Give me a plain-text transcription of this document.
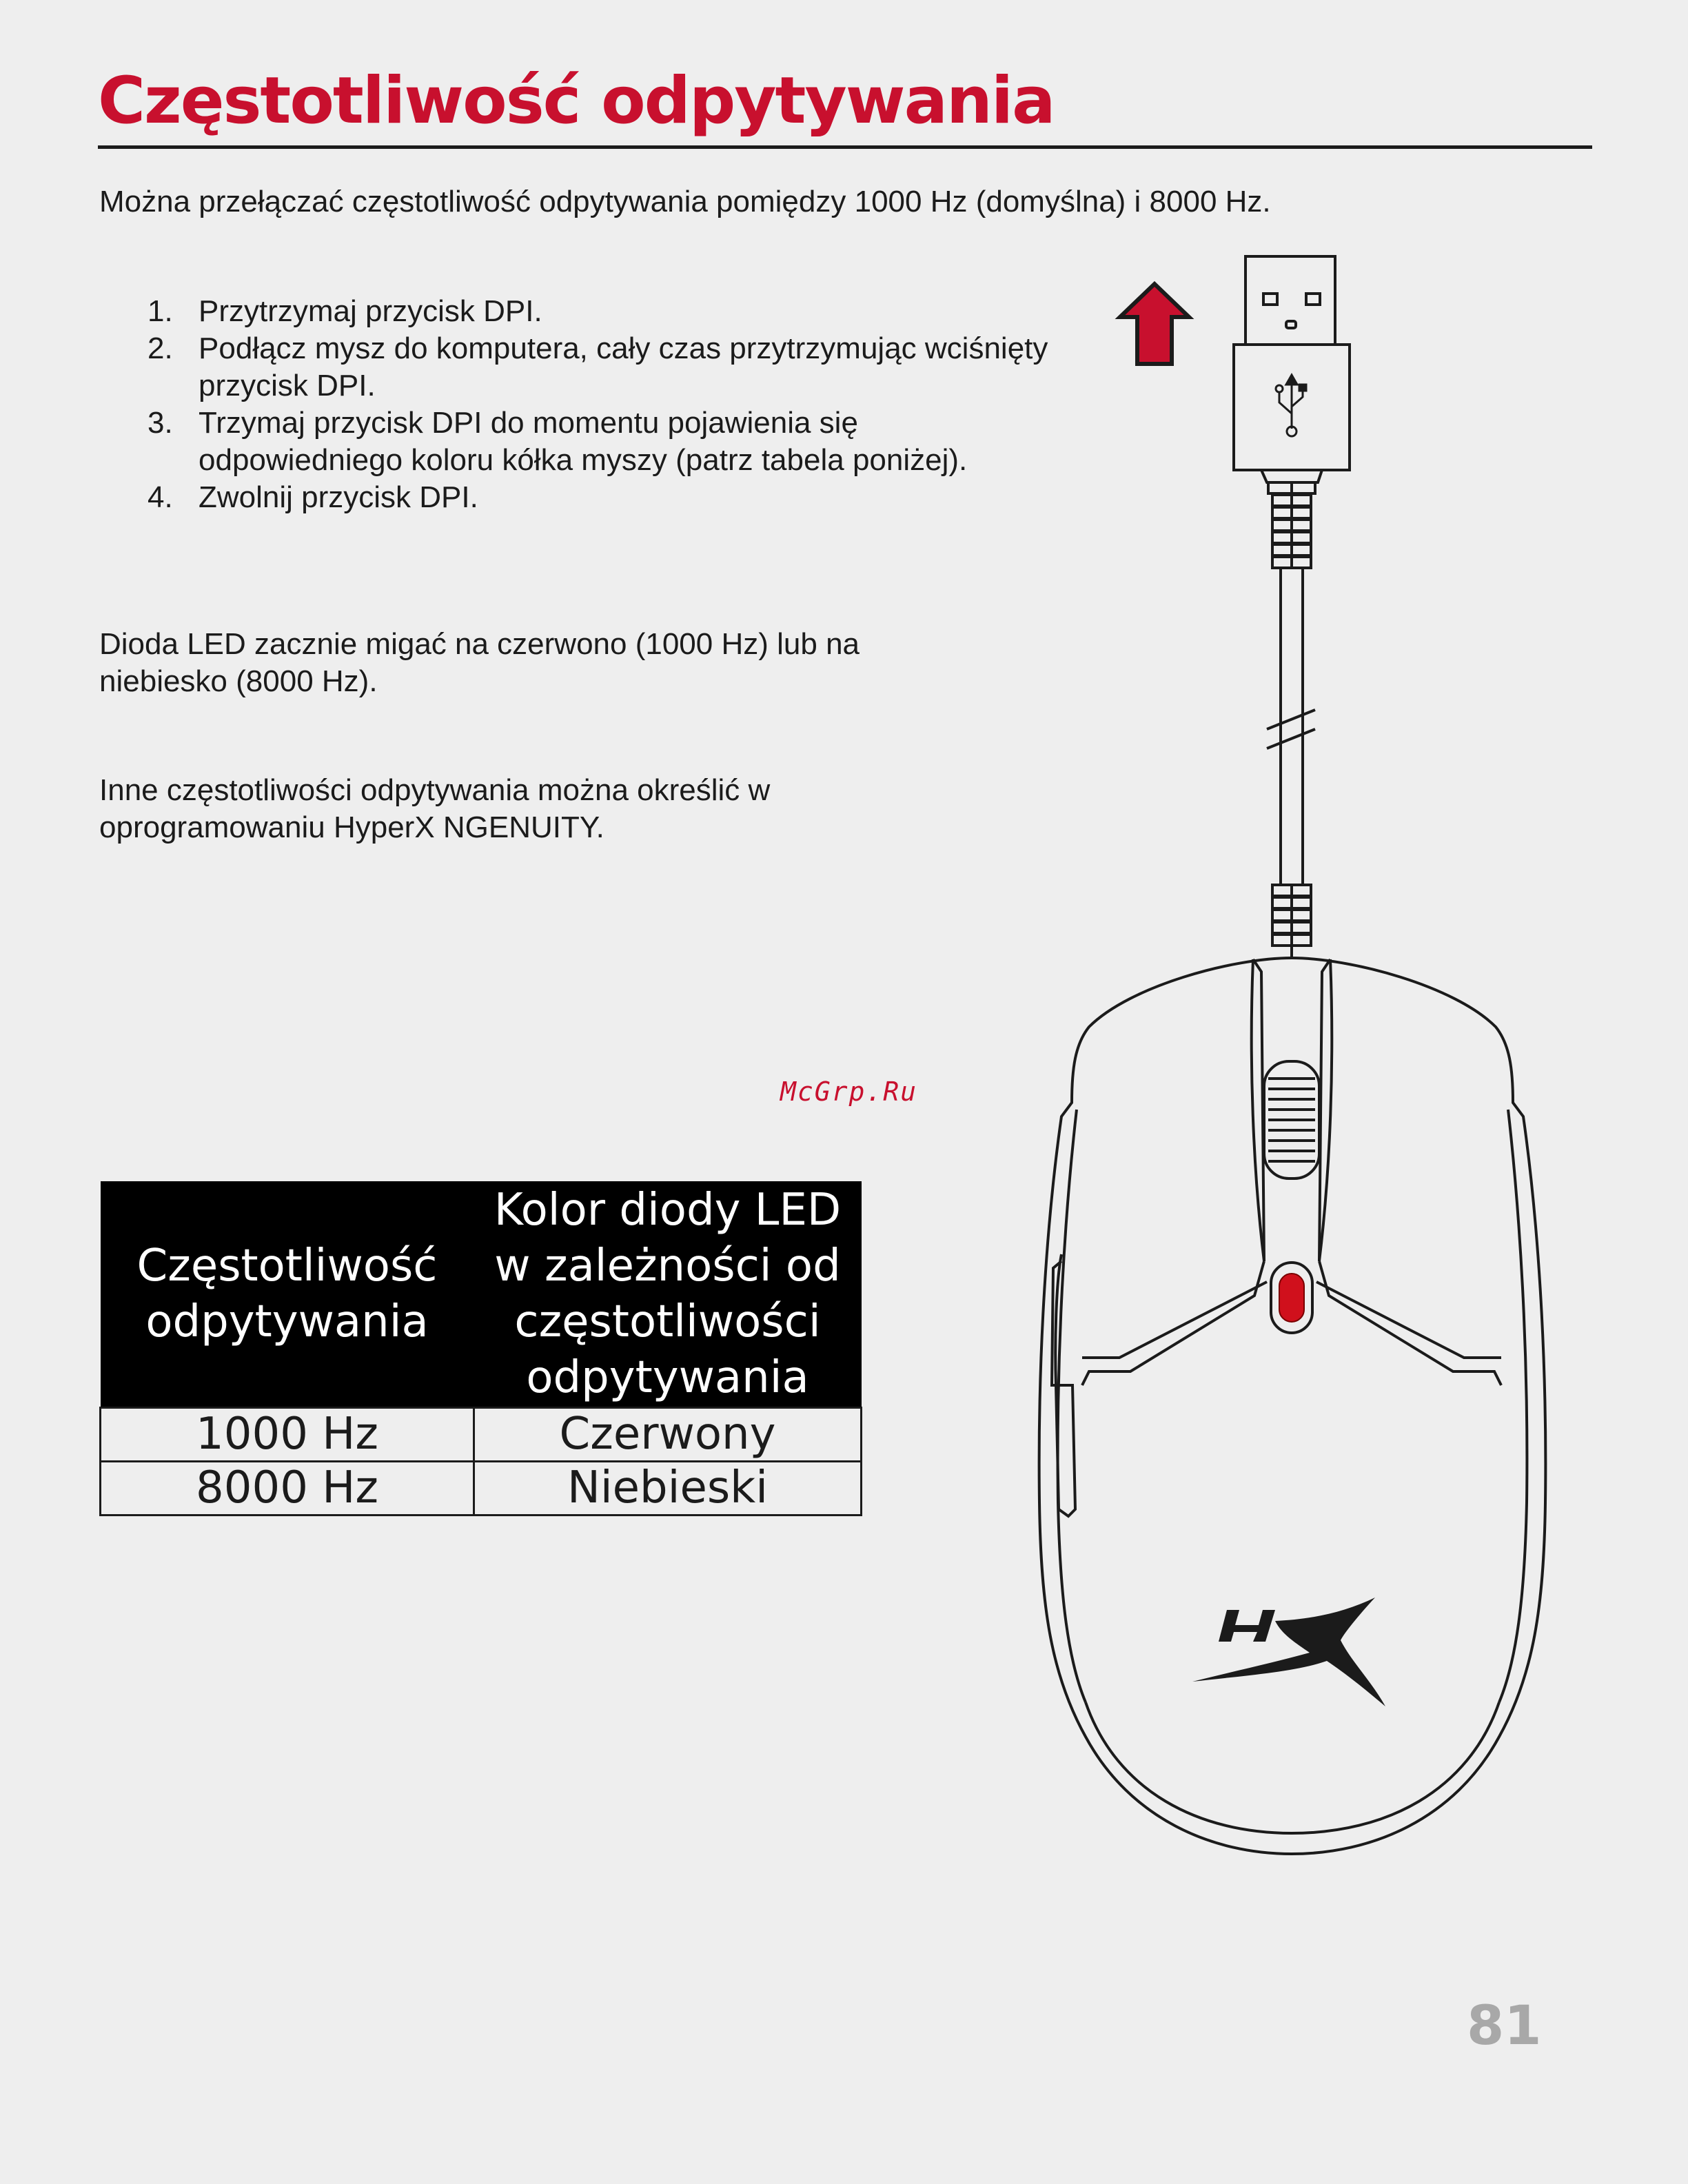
Częstotliwość odpytywania
Można przełączać częstotliwość odpytywania pomiędzy 1000 Hz (domyślna) i 8000 Hz.
1. Przytrzymaj przycisk DPI.
2. Podłącz mysz do komputera, cały czas przytrzymując wciśnięty przycisk DPI.
3. Trzymaj przycisk DPI do momentu pojawienia się odpowiedniego koloru kółka myszy (patrz tabela poniżej).
4. Zwolnij przycisk DPI.

Dioda LED zacznie migać na czerwono (1000 Hz) lub na niebiesko (8000 Hz).

Inne częstotliwości odpytywania można określić w oprogramowaniu HyperX NGENUITY.

McGrp.Ru
Częstotliwość odpytywania	Kolor diody LED w zależności od częstotliwości odpytywania
1000 Hz	Czerwony
8000 Hz	Niebieski
81
